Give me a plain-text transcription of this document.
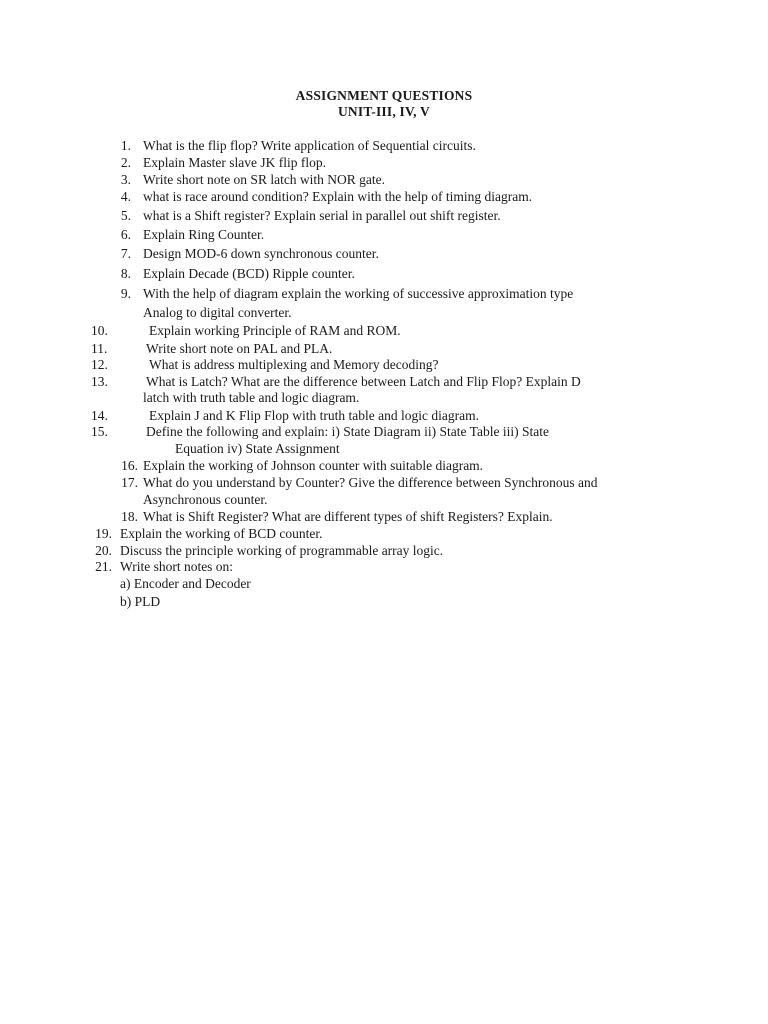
ASSIGNMENT QUESTIONS
UNIT-III, IV, V
1. What is the flip flop? Write application of Sequential circuits.
2. Explain Master slave JK flip flop.
3. Write short note on SR latch with NOR gate.
4. what is race around condition? Explain with the help of timing diagram.
5. what is a Shift register? Explain serial in parallel out shift register.
6. Explain Ring Counter.
7. Design MOD-6 down synchronous counter.
8. Explain Decade (BCD) Ripple counter.
9. With the help of diagram explain the working of successive approximation type
Analog to digital converter.
10.	Explain working Principle of RAM and ROM.
11.	Write short note on PAL and PLA.
12.	What is address multiplexing and Memory decoding?
13.	What is Latch? What are the difference between Latch and Flip Flop? Explain D
latch with truth table and logic diagram.
14.	Explain J and K Flip Flop with truth table and logic diagram.
15.	Define the following and explain: i) State Diagram ii) State Table iii) State
Equation iv) State Assignment
16. Explain the working of Johnson counter with suitable diagram.
17. What do you understand by Counter? Give the difference between Synchronous and
Asynchronous counter.
18. What is Shift Register? What are different types of shift Registers? Explain.
19. Explain the working of BCD counter.
20. Discuss the principle working of programmable array logic.
21. Write short notes on:
a) Encoder and Decoder
b) PLD
